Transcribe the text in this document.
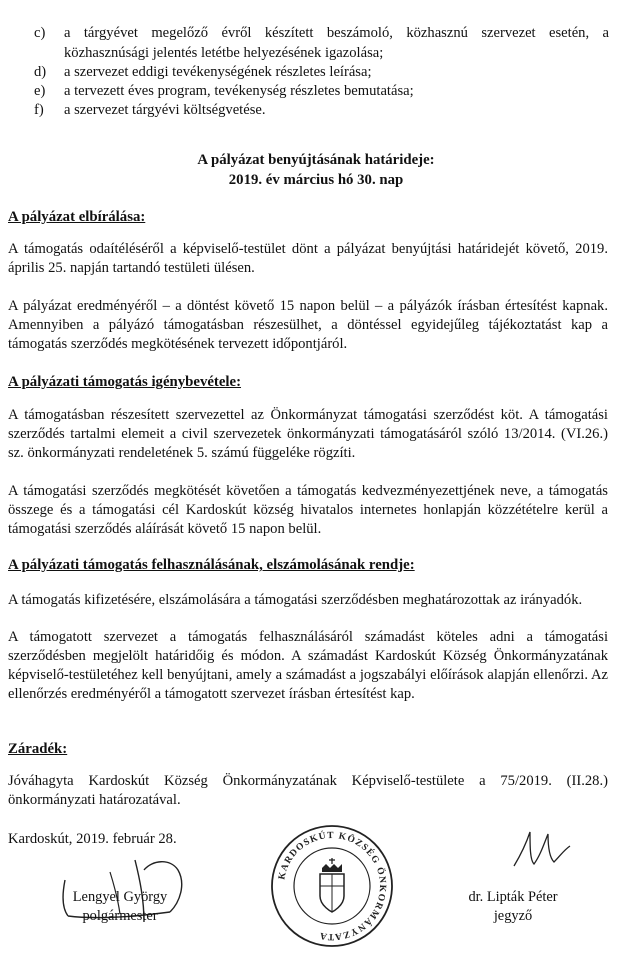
c) a tárgyévet megelőző évről készített beszámoló, közhasznú szervezet esetén, a közhasznúsági jelentés letétbe helyezésének igazolása;
d) a szervezet eddigi tevékenységének részletes leírása;
e) a tervezett éves program, tevékenység részletes bemutatása;
f) a szervezet tárgyévi költségvetése.
A pályázat benyújtásának határideje:
2019. év március hó 30. nap
A pályázat elbírálása:
A támogatás odaítéléséről a képviselő-testület dönt a pályázat benyújtási határidejét követő, 2019. április 25. napján tartandó testületi ülésen.
A pályázat eredményéről – a döntést követő 15 napon belül – a pályázók írásban értesítést kapnak. Amennyiben a pályázó támogatásban részesülhet, a döntéssel egyidejűleg tájékoztatást kap a támogatás szerződés megkötésének tervezett időpontjáról.
A pályázati támogatás igénybevétele:
A támogatásban részesített szervezettel az Önkormányzat támogatási szerződést köt. A támogatási szerződés tartalmi elemeit a civil szervezetek önkormányzati támogatásáról szóló 13/2014. (VI.26.) sz. önkormányzati rendeletének 5. számú függeléke rögzíti.
A támogatási szerződés megkötését követően a támogatás kedvezményezettjének neve, a támogatás összege és a támogatási cél Kardoskút község hivatalos internetes honlapján közzétételre kerül a támogatási szerződés aláírását követő 15 napon belül.
A pályázati támogatás felhasználásának, elszámolásának rendje:
A támogatás kifizetésére, elszámolására a támogatási szerződésben meghatározottak az irányadók.
A támogatott szervezet a támogatás felhasználásáról számadást köteles adni a támogatási szerződésben megjelölt határidőig és módon. A számadást Kardoskút Község Önkormányzatának képviselő-testületéhez kell benyújtani, amely a számadást a jogszabályi előírások alapján ellenőrzi. Az ellenőrzés eredményéről a támogatott szervezet írásban értesítést kap.
Záradék:
Jóváhagyta Kardoskút Község Önkormányzatának Képviselő-testülete a 75/2019. (II.28.) önkormányzati határozatával.
Kardoskút, 2019. február 28.
Lengyel György
polgármester
KARDOSKÚT KÖZSÉG ÖNKORMÁNYZATA
dr. Lipták Péter
jegyző
